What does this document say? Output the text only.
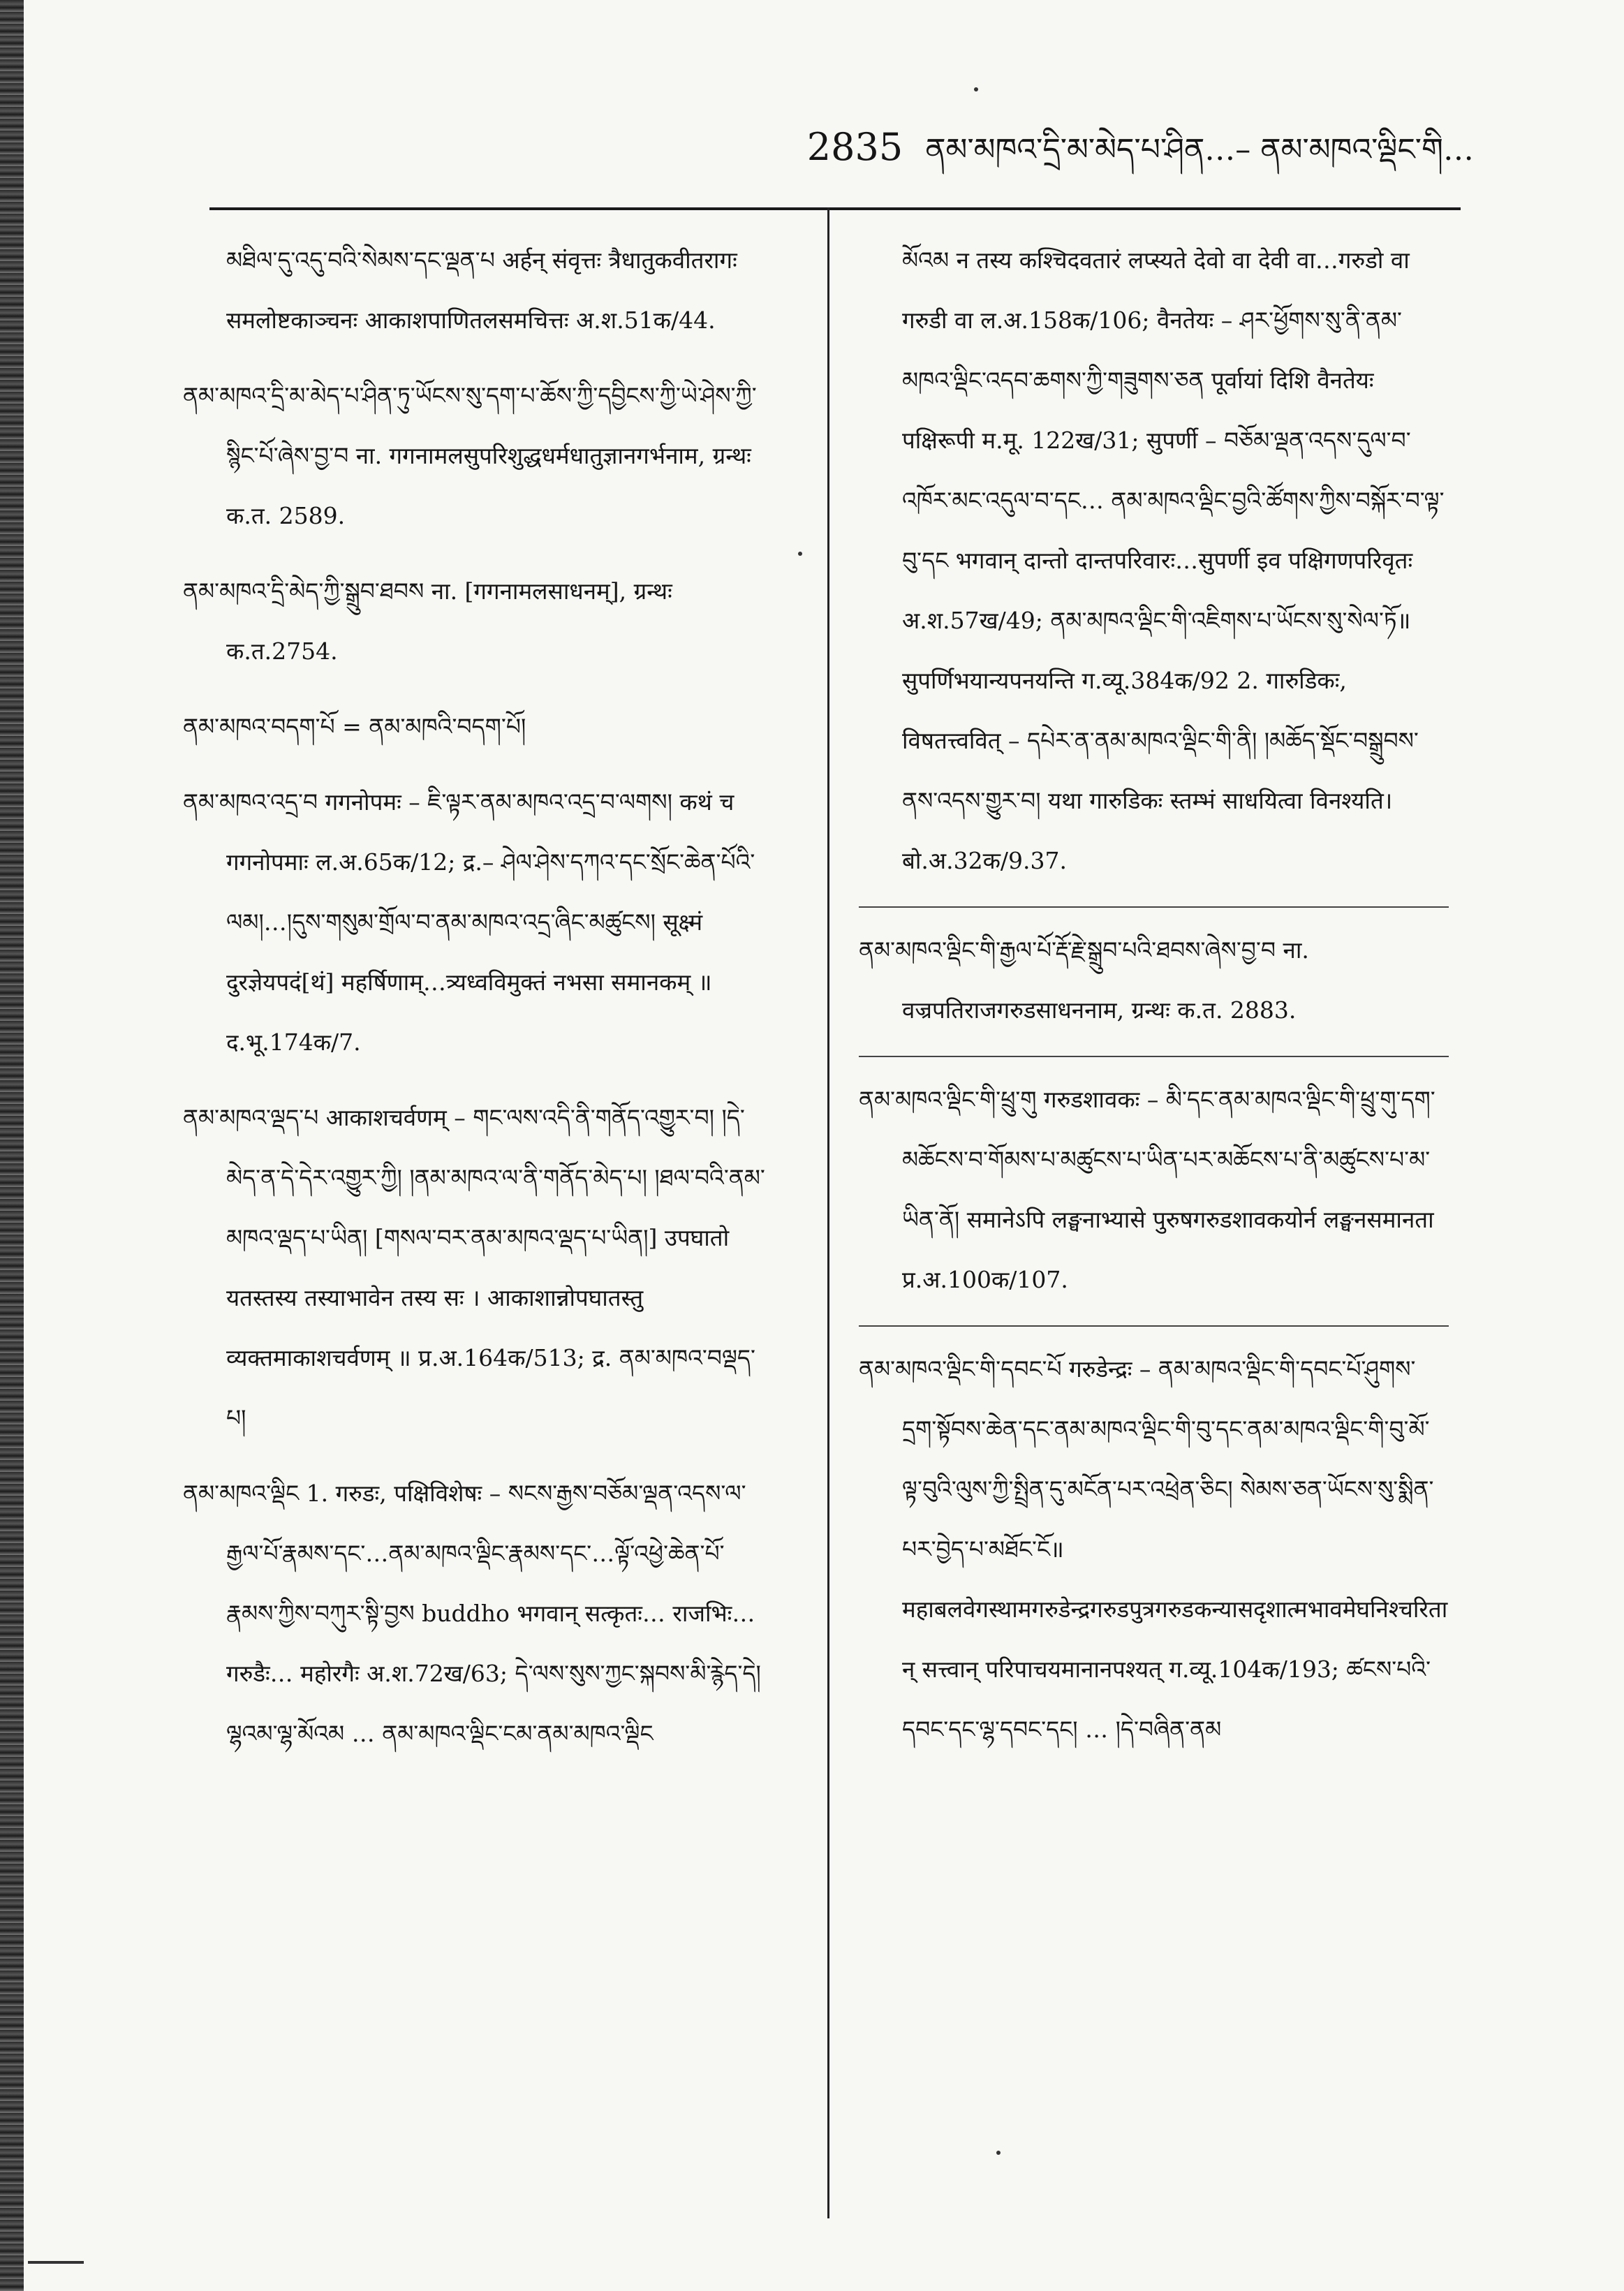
2835 ནམ་མཁའ་དྲི་མ་མེད་པ་ཤིན…– ནམ་མཁའ་ལྡིང་གི…

མཐིལ་དུ་འདུ་བའི་སེམས་དང་ལྡན་པ अर्हन् संवृत्तः त्रैधातुकवीतरागः समलोष्टकाञ्चनः आकाशपाणितलसमचित्तः अ.श.51क/44.

ནམ་མཁའ་དྲི་མ་མེད་པ་ཤིན་ཏུ་ཡོངས་སུ་དག་པ་ཆོས་ཀྱི་དབྱིངས་ཀྱི་ཡེ་ཤེས་ཀྱི་སྙིང་པོ་ཞེས་བྱ་བ ना. गगनामलसुपरिशुद्धधर्मधातुज्ञानगर्भनाम, ग्रन्थः क.त. 2589.

ནམ་མཁའ་དྲི་མེད་ཀྱི་སྒྲུབ་ཐབས ना. [गगनामलसाधनम्], ग्रन्थः क.त.2754.

ནམ་མཁའ་བདག་པོ = ནམ་མཁའི་བདག་པོ།

ནམ་མཁའ་འདྲ་བ गगनोपमः – ཇི་ལྟར་ནམ་མཁའ་འདྲ་བ་ལགས། कथं च गगनोपमाः ल.अ.65क/12; द्र.– ཤེལ་ཤེས་དཀའ་དང་སྲོང་ཆེན་པོའི་ལམ།…།དུས་གསུམ་གྲོལ་བ་ནམ་མཁའ་འདྲ་ཞིང་མཚུངས། सूक्ष्मं दुरज्ञेयपदं[थं] महर्षिणाम्…त्र्यध्वविमुक्तं नभसा समानकम् ॥ द.भू.174क/7.

ནམ་མཁའ་ལྡད་པ आकाशचर्वणम् – གང་ལས་འདི་ནི་གནོད་འགྱུར་བ། །དེ་མེད་ན་དེ་དེར་འགྱུར་ཀྱི། །ནམ་མཁའ་ལ་ནི་གནོད་མེད་པ། །ཐལ་བའི་ནམ་མཁའ་ལྡད་པ་ཡིན། [གསལ་བར་ནམ་མཁའ་ལྡད་པ་ཡིན།] उपघातो यतस्तस्य तस्याभावेन तस्य सः । आकाशान्नोपघातस्तु व्यक्तमाकाशचर्वणम् ॥ प्र.अ.164क/513; द्र. ནམ་མཁའ་བལྡད་པ།

ནམ་མཁའ་ལྡིང 1. गरुडः, पक्षिविशेषः – སངས་རྒྱས་བཅོམ་ལྡན་འདས་ལ་རྒྱལ་པོ་རྣམས་དང་…ནམ་མཁའ་ལྡིང་རྣམས་དང་…ལྟོ་འཕྱེ་ཆེན་པོ་རྣམས་ཀྱིས་བཀུར་སྟི་བྱས buddho भगवान् सत्कृतः… राजभिः… गरुडैः… महोरगैः अ.श.72ख/63; དེ་ལས་སུས་ཀྱང་སྐབས་མི་རྙེད་དེ། ལྷའམ་ལྷ་མོའམ … ནམ་མཁའ་ལྡིང་ངམ་ནམ་མཁའ་ལྡིང

མོའམ न तस्य कश्चिदवतारं लप्स्यते देवो वा देवी वा…गरुडो वा गरुडी वा ल.अ.158क/106; वैनतेयः – ཤར་ཕྱོགས་སུ་ནི་ནམ་མཁའ་ལྡིང་འདབ་ཆགས་ཀྱི་གཟུགས་ཅན पूर्वायां दिशि वैनतेयः पक्षिरूपी म.मू. 122ख/31; सुपर्णी – བཅོམ་ལྡན་འདས་དུལ་བ་འཁོར་མང་འདུལ་བ་དང… ནམ་མཁའ་ལྡིང་བྱའི་ཚོགས་ཀྱིས་བསྐོར་བ་ལྟ་བུ་དང भगवान् दान्तो दान्तपरिवारः…सुपर्णी इव पक्षिगणपरिवृतः अ.श.57ख/49; ནམ་མཁའ་ལྡིང་གི་འཇིགས་པ་ཡོངས་སུ་སེལ་ཏོ॥ सुपर्णिभयान्यपनयन्ति ग.व्यू.384क/92 2. गारुडिकः, विषतत्त्ववित् – དཔེར་ན་ནམ་མཁའ་ལྡིང་གི་ནི། །མཆོད་སྡོང་བསྒྲུབས་ནས་འདས་གྱུར་བ། यथा गारुडिकः स्तम्भं साधयित्वा विनश्यति। बो.अ.32क/9.37.

ནམ་མཁའ་ལྡིང་གི་རྒྱལ་པོ་རྡོ་རྗེ་སྒྲུབ་པའི་ཐབས་ཞེས་བྱ་བ ना. वज्रपतिराजगरुडसाधननाम, ग्रन्थः क.त. 2883.

ནམ་མཁའ་ལྡིང་གི་ཕྲུ་གུ गरुडशावकः – མི་དང་ནམ་མཁའ་ལྡིང་གི་ཕྲུ་གུ་དག་མཆོངས་བ་གོམས་པ་མཚུངས་པ་ཡིན་པར་མཆོངས་པ་ནི་མཚུངས་པ་མ་ཡིན་ནོ། समानेऽपि लङ्घनाभ्यासे पुरुषगरुडशावकयोर्न लङ्घनसमानता प्र.अ.100क/107.

ནམ་མཁའ་ལྡིང་གི་དབང་པོ गरुडेन्द्रः – ནམ་མཁའ་ལྡིང་གི་དབང་པོ་ཤུགས་དྲག་སྟོབས་ཆེན་དང་ནམ་མཁའ་ལྡིང་གི་བུ་དང་ནམ་མཁའ་ལྡིང་གི་བུ་མོ་ལྟ་བུའི་ལུས་ཀྱི་སྤྲིན་དུ་མངོན་པར་འཕྲེན་ཅིང། སེམས་ཅན་ཡོངས་སུ་སྨིན་པར་བྱེད་པ་མཐོང་ངོ॥ महाबलवेगस्थामगरुडेन्द्रगरुडपुत्रगरुडकन्यासदृशात्मभावमेघनिश्चरितान् सत्त्वान् परिपाचयमानानपश्यत् ग.व्यू.104क/193; ཚངས་པའི་དབང་དང་ལྷ་དབང་དང། … །དེ་བཞིན་ནམ
